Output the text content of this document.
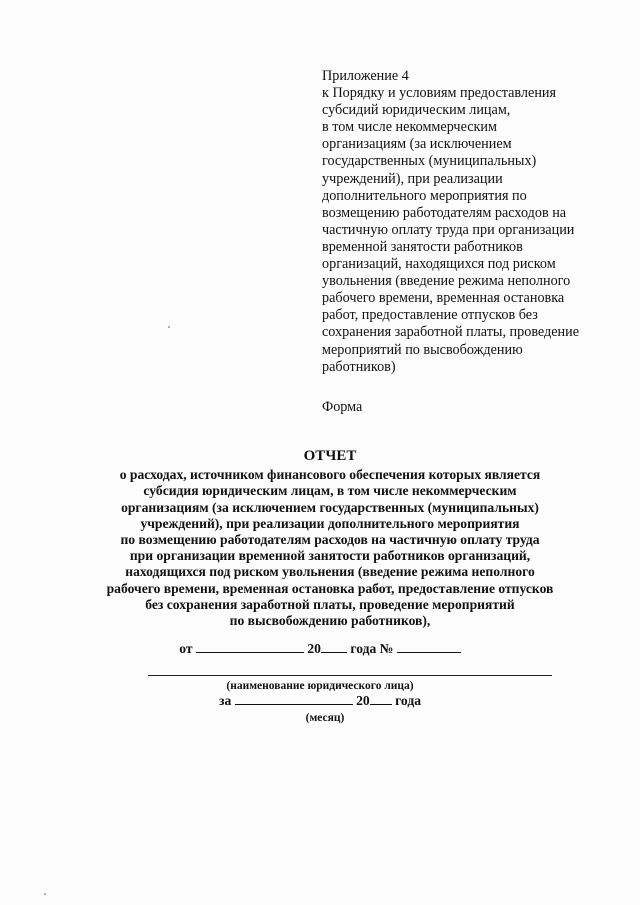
Приложение 4
к Порядку и условиям предоставления
субсидий юридическим лицам,
в том числе некоммерческим
организациям (за исключением
государственных (муниципальных)
учреждений), при реализации
дополнительного мероприятия по
возмещению работодателям расходов на
частичную оплату труда при организации
временной занятости работников
организаций, находящихся под риском
увольнения (введение режима неполного
рабочего времени, временная остановка
работ, предоставление отпусков без
сохранения заработной платы, проведение
мероприятий по высвобождению
работников)
Форма
ОТЧЕТ
о расходах, источником финансового обеспечения которых является
субсидия юридическим лицам, в том числе некоммерческим
организациям (за исключением государственных (муниципальных)
учреждений), при реализации дополнительного мероприятия
по возмещению работодателям расходов на частичную оплату труда
при организации временной занятости работников организаций,
находящихся под риском увольнения (введение режима неполного
рабочего времени, временная остановка работ, предоставление отпусков
без сохранения заработной платы, проведение мероприятий
по высвобождению работников),
от	20 года №
(наименование юридического лица)
за	20 года
(месяц)
